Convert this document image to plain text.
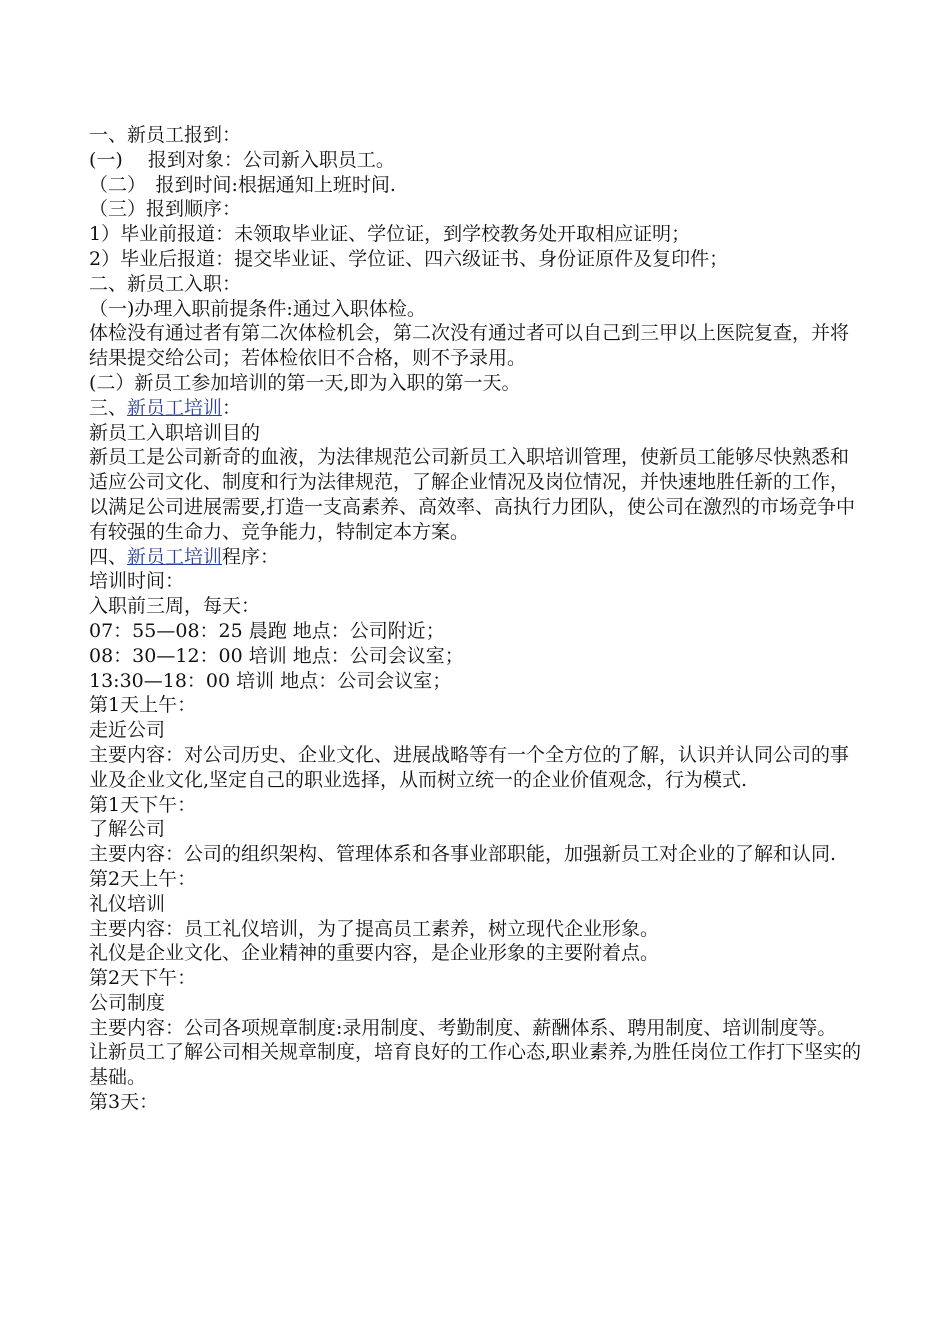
一、新员工报到：

(一)　 报到对象：公司新入职员工。

（二）　报到时间:根据通知上班时间.

（三）报到顺序：

1）毕业前报道：未领取毕业证、学位证，到学校教务处开取相应证明；

2）毕业后报道：提交毕业证、学位证、四六级证书、身份证原件及复印件；

二、新员工入职：

（一)办理入职前提条件:通过入职体检。

体检没有通过者有第二次体检机会，第二次没有通过者可以自己到三甲以上医院复查，并将结果提交给公司；若体检依旧不合格，则不予录用。

(二）新员工参加培训的第一天,即为入职的第一天。

三、新员工培训：

新员工入职培训目的

新员工是公司新奇的血液，为法律规范公司新员工入职培训管理，使新员工能够尽快熟悉和适应公司文化、制度和行为法律规范，了解企业情况及岗位情况，并快速地胜任新的工作，以满足公司进展需要,打造一支高素养、高效率、高执行力团队，使公司在激烈的市场竞争中有较强的生命力、竞争能力，特制定本方案。

四、新员工培训程序：

培训时间：

入职前三周，每天：

07：55—08：25 晨跑 地点：公司附近；

08：30—12：00 培训 地点：公司会议室；

13:30—18：00 培训 地点：公司会议室；

第1天上午：

走近公司

主要内容：对公司历史、企业文化、进展战略等有一个全方位的了解，认识并认同公司的事业及企业文化,坚定自己的职业选择，从而树立统一的企业价值观念，行为模式.

第1天下午：

了解公司

主要内容：公司的组织架构、管理体系和各事业部职能，加强新员工对企业的了解和认同.

第2天上午：

礼仪培训

主要内容：员工礼仪培训，为了提高员工素养，树立现代企业形象。

礼仪是企业文化、企业精神的重要内容，是企业形象的主要附着点。

第2天下午：

公司制度

主要内容：公司各项规章制度:录用制度、考勤制度、薪酬体系、聘用制度、培训制度等。

让新员工了解公司相关规章制度，培育良好的工作心态,职业素养,为胜任岗位工作打下坚实的基础。

第3天：
